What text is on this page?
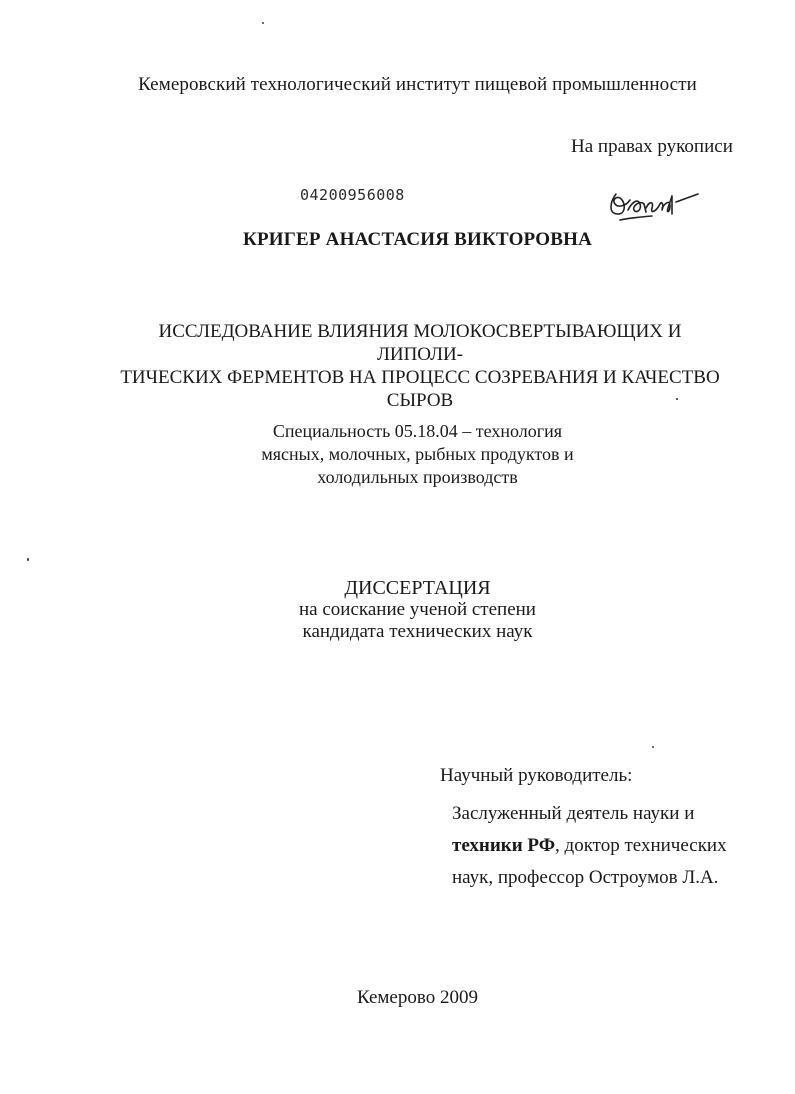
Кемеровский технологический институт пищевой промышленности
На правах рукописи
04200956008
КРИГЕР АНАСТАСИЯ ВИКТОРОВНА
ИССЛЕДОВАНИЕ ВЛИЯНИЯ МОЛОКОСВЕРТЫВАЮЩИХ И ЛИПОЛИ-
ТИЧЕСКИХ ФЕРМЕНТОВ НА ПРОЦЕСС СОЗРЕВАНИЯ И КАЧЕСТВО
СЫРОВ
Специальность 05.18.04 – технология
мясных, молочных, рыбных продуктов и
холодильных производств
ДИССЕРТАЦИЯ
на соискание ученой степени
кандидата технических наук
Научный руководитель:
Заслуженный деятель науки и
техники РФ, доктор технических
наук, профессор Остроумов Л.А.
Кемерово 2009
